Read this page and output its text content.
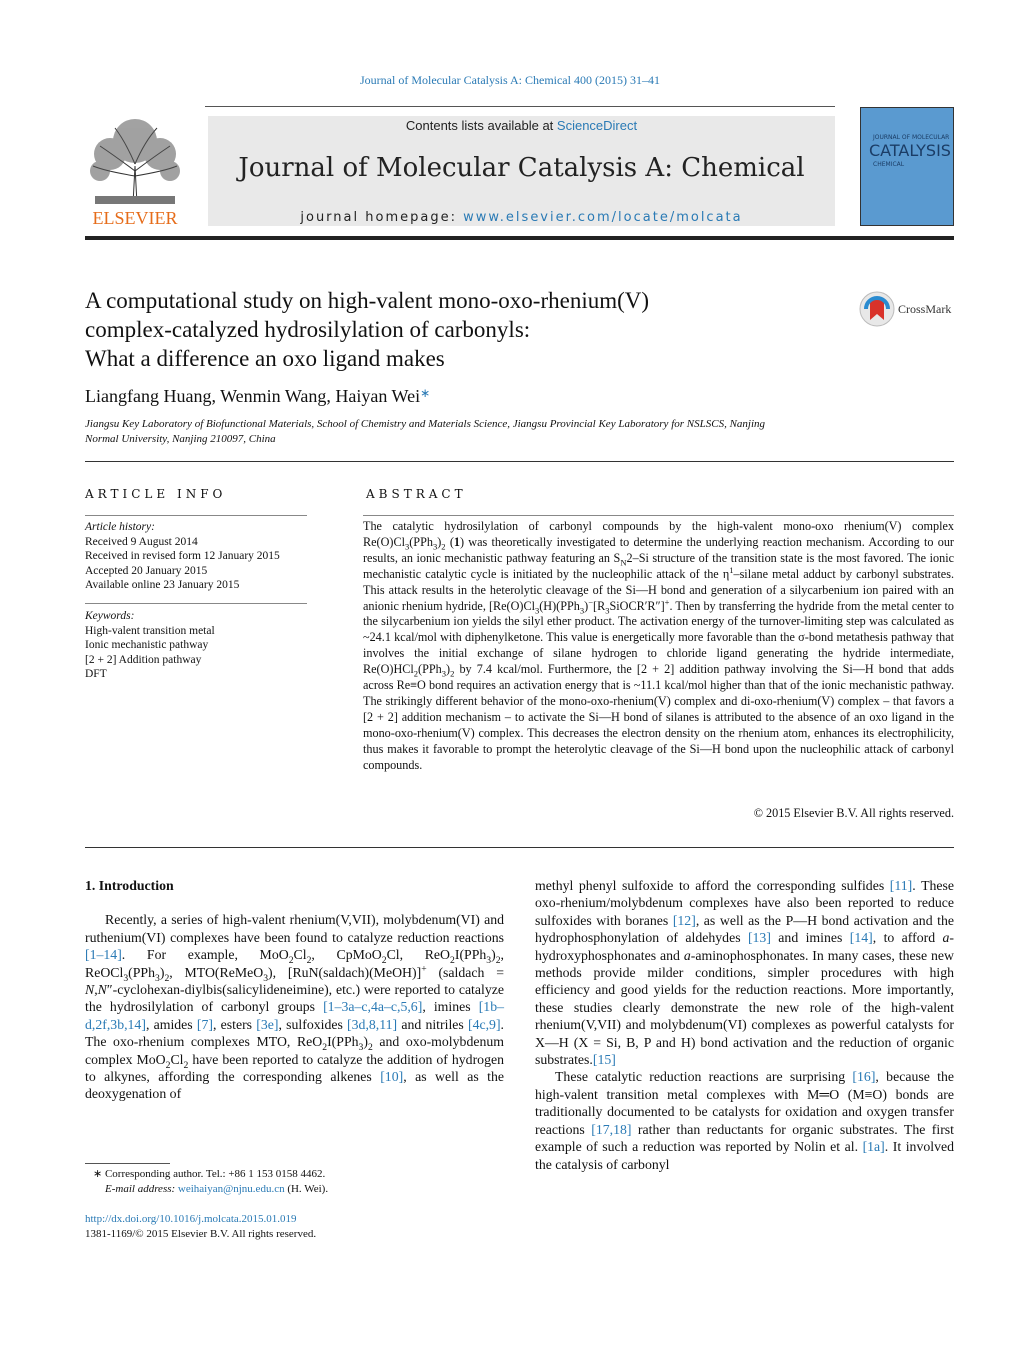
Journal of Molecular Catalysis A: Chemical 400 (2015) 31–41
ELSEVIER
Contents lists available at ScienceDirect
Journal of Molecular Catalysis A: Chemical
journal homepage: www.elsevier.com/locate/molcata
JOURNAL OF MOLECULAR
CATALYSIS
CHEMICAL
A computational study on high-valent mono-oxo-rhenium(V)
complex-catalyzed hydrosilylation of carbonyls:
What a difference an oxo ligand makes
CrossMark
Liangfang Huang, Wenmin Wang, Haiyan Wei∗
Jiangsu Key Laboratory of Biofunctional Materials, School of Chemistry and Materials Science, Jiangsu Provincial Key Laboratory for NSLSCS, Nanjing
Normal University, Nanjing 210097, China
ARTICLE INFO	ABSTRACT
Article history:
Received 9 August 2014
Received in revised form 12 January 2015
Accepted 20 January 2015
Available online 23 January 2015
Keywords:
High-valent transition metal
Ionic mechanistic pathway
[2 + 2] Addition pathway
DFT

The catalytic hydrosilylation of carbonyl compounds by the high-valent mono-oxo rhenium(V) complex $Re(O)Cl_3(PPh_3)_2$ (1) was theoretically investigated to determine the underlying reaction mechanism. According to our results, an ionic mechanistic pathway featuring an $S_N2-Si$ structure of the transition state is the most favored. The ionic mechanistic catalytic cycle is initiated by the nucleophilic attack of the $\eta^1$–silane metal adduct by carbonyl substrates. This attack results in the heterolytic cleavage of the Si—H bond and generation of a silycarbenium ion paired with an anionic rhenium hydride, [$Re(O)Cl_3(H)(PPh_3)^-[R_3SiOCR'R'']^+$. Then by transferring the hydride from the metal center to the silycarbenium ion yields the silyl ether product. The activation energy of the turnover-limiting step was calculated as ~24.1 kcal/mol with diphenylketone. This value is energetically more favorable than the σ-bond metathesis pathway that involves the initial exchange of silane hydrogen to chloride ligand generating the hydride intermediate, $Re(O)HCl_2(PPh_3)_2$ by 7.4 kcal/mol. Furthermore, the [2 + 2] addition pathway involving the Si—H bond that adds across Re≡O bond requires an activation energy that is ~11.1 kcal/mol higher than that of the ionic mechanistic pathway. The strikingly different behavior of the mono-oxo-rhenium(V) complex and di-oxo-rhenium(V) complex – that favors a [2 + 2] addition mechanism – to activate the Si—H bond of silanes is attributed to the absence of an oxo ligand in the mono-oxo-rhenium(V) complex. This decreases the electron density on the rhenium atom, enhances its electrophilicity, thus makes it favorable to prompt the heterolytic cleavage of the Si—H bond upon the nucleophilic attack of carbonyl compounds.

© 2015 Elsevier B.V. All rights reserved.

1. Introduction

Recently, a series of high-valent rhenium(V,VII), molybdenum(VI) and ruthenium(VI) complexes have been found to catalyze reduction reactions [1–14]. For example, $MoO_2Cl_2$, CpMoO$_2$Cl, $ReO_2I(PPh_3)_2$, $ReOCl_3(PPh_3)_2$, MTO(ReMeO$_3$), [RuN(saldach)(MeOH)]+ (saldach = N,N″-cyclohexan-diylbis(salicylideneimine), etc.) were reported to catalyze the hydrosilylation of carbonyl groups [1–3a–c,4a–c,5,6], imines [1b–d,2f,3b,14], amides [7], esters [3e], sulfoxides [3d,8,11] and nitriles [4c,9]. The oxo-rhenium complexes MTO, $ReO_2I(PPh_3)_2$ and oxo-molybdenum complex $MoO_2Cl_2$ have been reported to catalyze the addition of hydrogen to alkynes, affording the corresponding alkenes [10], as well as the deoxygenation of

methyl phenyl sulfoxide to afford the corresponding sulfides [11]. These oxo-rhenium/molybdenum complexes have also been reported to reduce sulfoxides with boranes [12], as well as the P—H bond activation and the hydrophosphonylation of aldehydes [13] and imines [14], to afford a-hydroxyphosphonates and a-aminophosphonates. In many cases, these new methods provide milder conditions, simpler procedures with high efficiency and good yields for the reduction reactions. More importantly, these studies clearly demonstrate the new role of the high-valent rhenium(V,VII) and molybdenum(VI) complexes as powerful catalysts for X—H (X = Si, B, P and H) bond activation and the reduction of organic substrates.[15]

These catalytic reduction reactions are surprising [16], because the high-valent transition metal complexes with M═O (M≡O) bonds are traditionally documented to be catalysts for oxidation and oxygen transfer reactions [17,18] rather than reductants for organic substrates. The first example of such a reduction was reported by Nolin et al. [1a]. It involved the catalysis of carbonyl

∗ Corresponding author. Tel.: +86 1 153 0158 4462.

E-mail address: weihaiyan@njnu.edu.cn (H. Wei).

http://dx.doi.org/10.1016/j.molcata.2015.01.019
1381-1169/© 2015 Elsevier B.V. All rights reserved.
